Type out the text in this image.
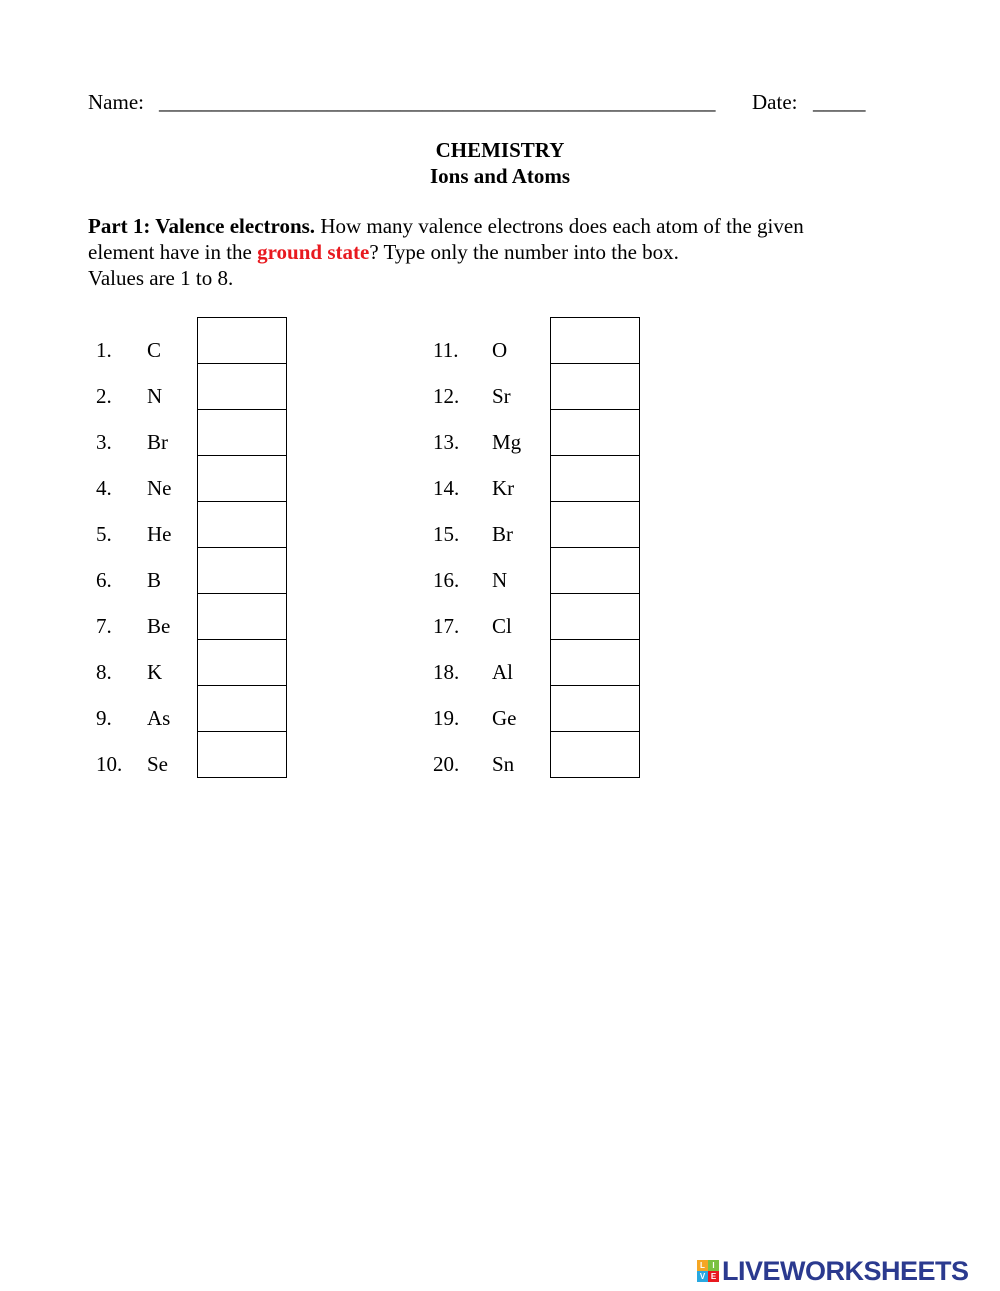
Name: _____________________________________________________ Date: _____
CHEMISTRY
Ions and Atoms
Part 1: Valence electrons. How many valence electrons does each atom of the given
element have in the ground state? Type only the number into the box.
Values are 1 to 8.
1. C
2. N
3. Br
4. Ne
5. He
6. B
7. Be
8. K
9. As
10. Se
11. O
12. Sr
13. Mg
14. Kr
15. Br
16. N
17. Cl
18. Al
19. Ge
20. Sn
L I
V E LIVEWORKSHEETS
